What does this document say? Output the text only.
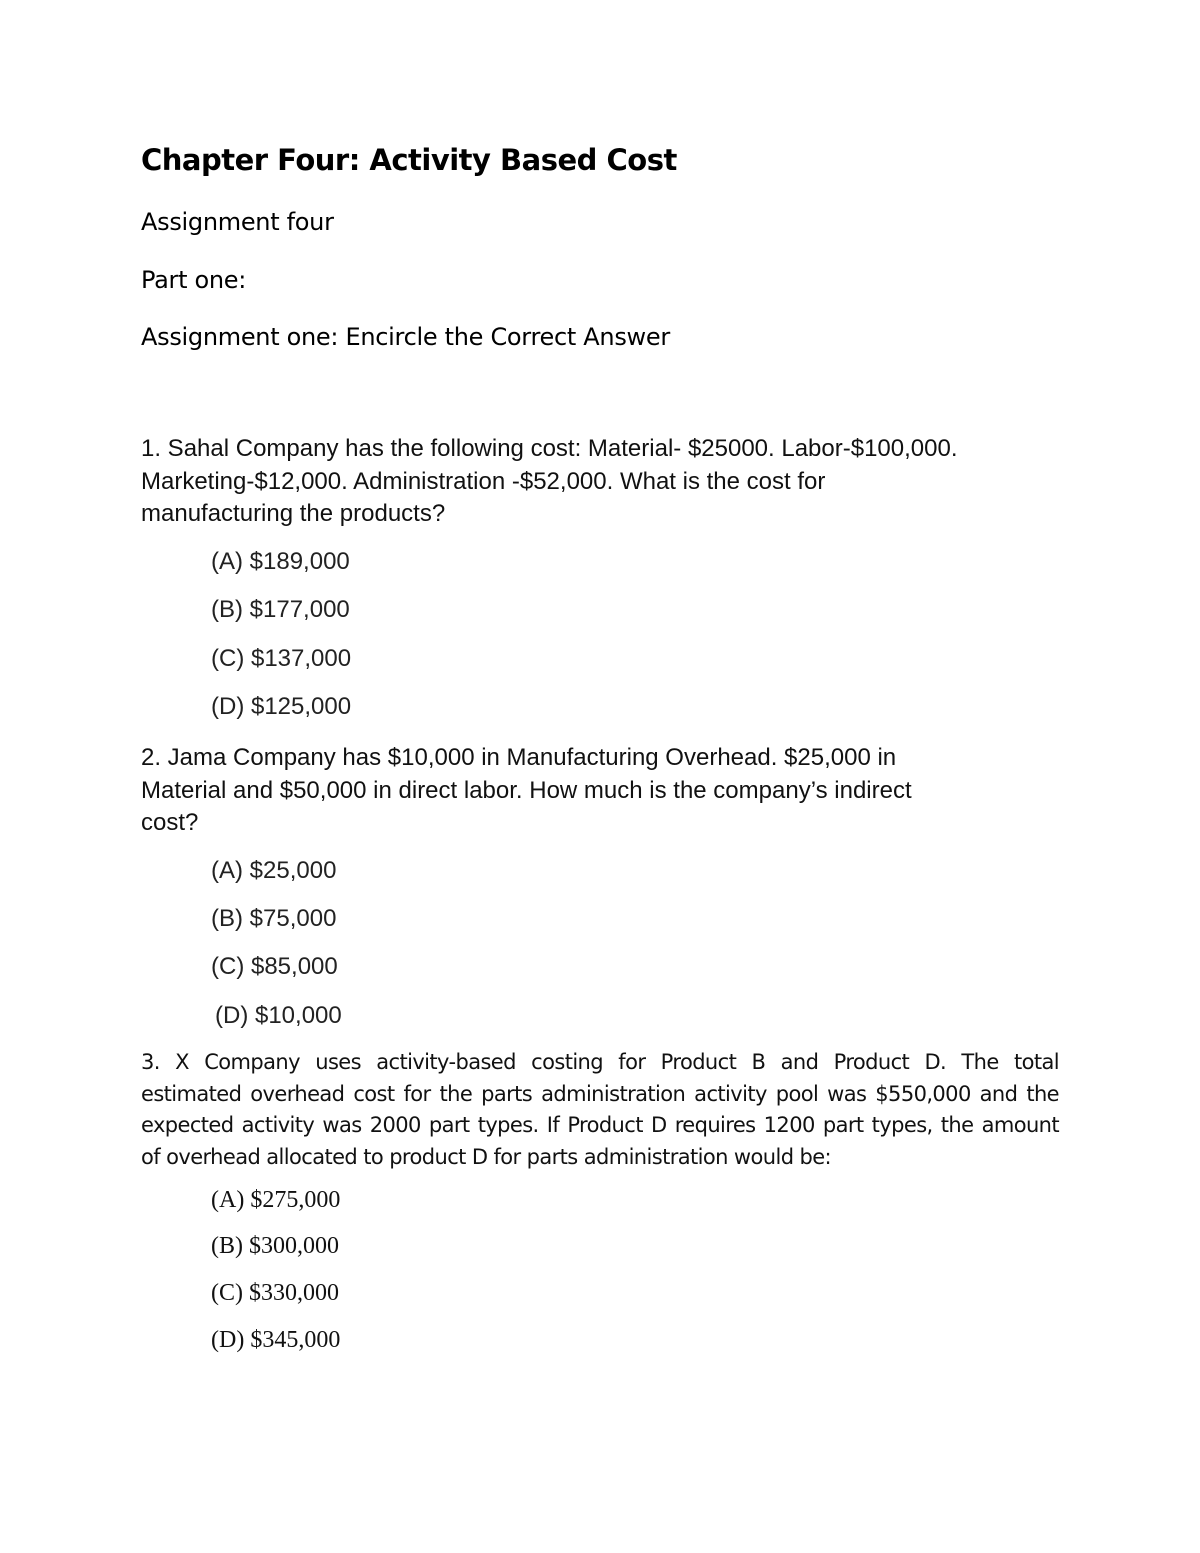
Chapter Four: Activity Based Cost
Assignment four
Part one:
Assignment one: Encircle the Correct Answer
1. Sahal Company has the following cost: Material- $25000. Labor-$100,000.
Marketing-$12,000. Administration -$52,000. What is the cost for
manufacturing the products?
(A) $189,000
(B) $177,000
(C) $137,000
(D) $125,000
2. Jama Company has $10,000 in Manufacturing Overhead. $25,000 in
Material and $50,000 in direct labor. How much is the company’s indirect
cost?
(A) $25,000
(B) $75,000
(C) $85,000
(D) $10,000
3. X Company uses activity-based costing for Product B and Product D. The total
estimated overhead cost for the parts administration activity pool was $550,000 and the
expected activity was 2000 part types. If Product D requires 1200 part types, the amount
of overhead allocated to product D for parts administration would be:
(A) $275,000
(B) $300,000
(C) $330,000
(D) $345,000
